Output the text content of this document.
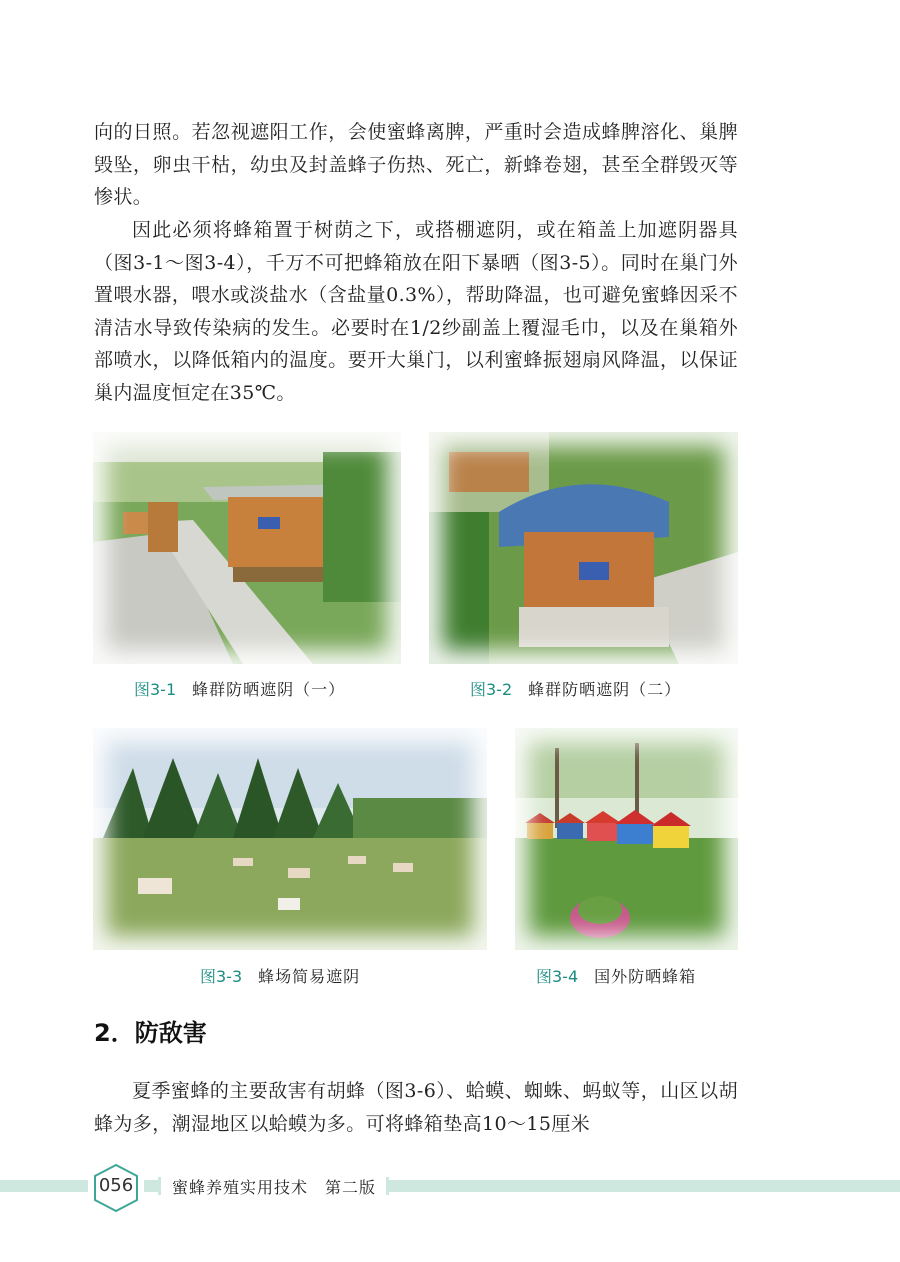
向的日照。若忽视遮阳工作，会使蜜蜂离脾，严重时会造成蜂脾溶化、巢脾毁坠，卵虫干枯，幼虫及封盖蜂子伤热、死亡，新蜂卷翅，甚至全群毁灭等惨状。

因此必须将蜂箱置于树荫之下，或搭棚遮阴，或在箱盖上加遮阴器具（图3-1～图3-4），千万不可把蜂箱放在阳下暴晒（图3-5）。同时在巢门外置喂水器，喂水或淡盐水（含盐量0.3%），帮助降温，也可避免蜜蜂因采不清洁水导致传染病的发生。必要时在1/2纱副盖上覆湿毛巾，以及在巢箱外部喷水，以降低箱内的温度。要开大巢门，以利蜜蜂振翅扇风降温，以保证巢内温度恒定在35℃。

图3-1 蜂群防晒遮阴（一）	图3-2 蜂群防晒遮阴（二）
图3-3 蜂场简易遮阴	图3-4 国外防晒蜂箱
2．防敌害

夏季蜜蜂的主要敌害有胡蜂（图3-6）、蛤蟆、蜘蛛、蚂蚁等，山区以胡蜂为多，潮湿地区以蛤蟆为多。可将蜂箱垫高10～15厘米

056	蜜蜂养殖实用技术　第二版
